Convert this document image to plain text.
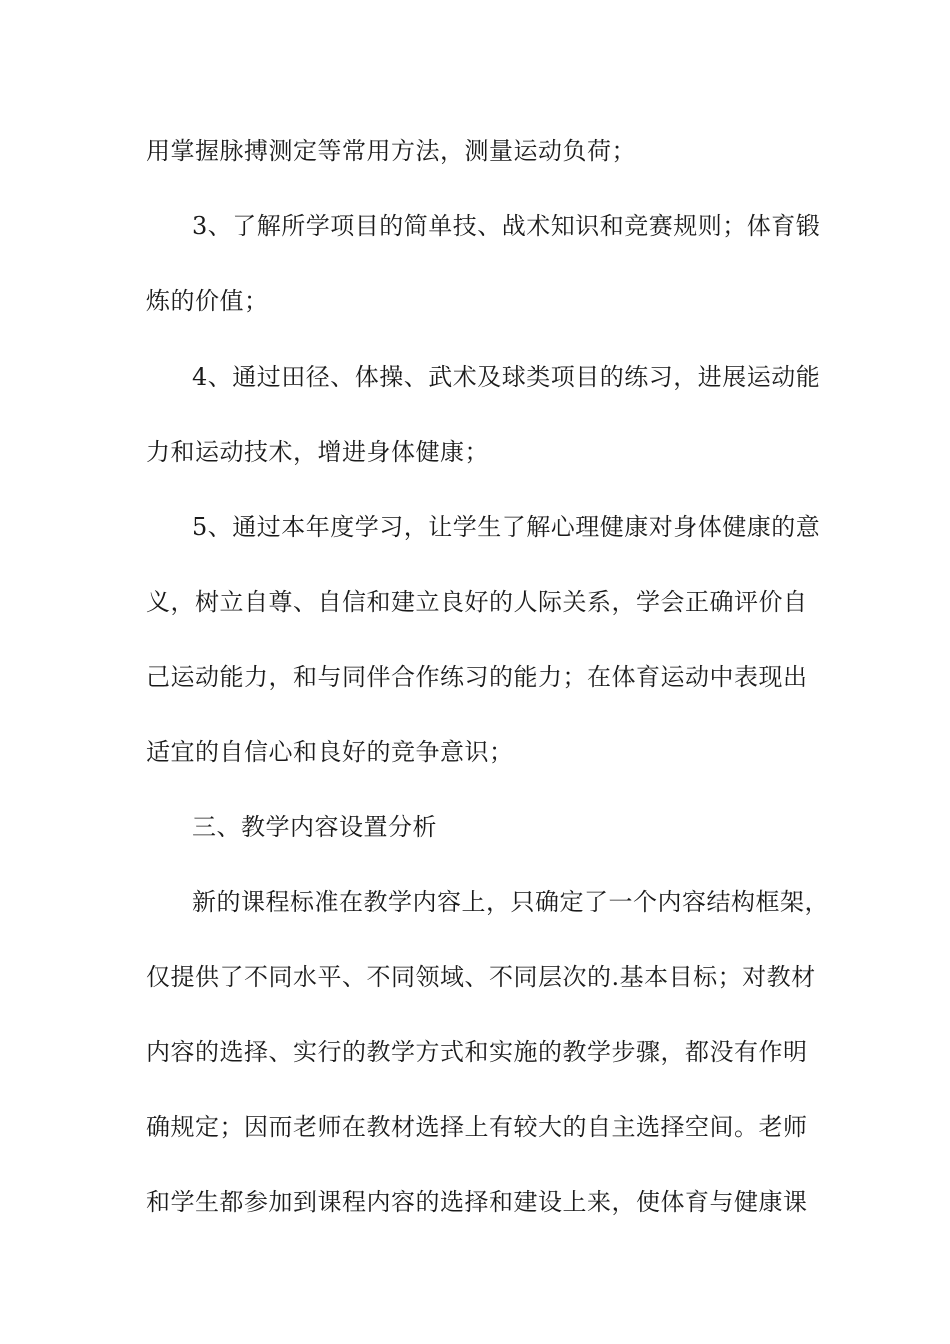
用掌握脉搏测定等常用方法，测量运动负荷；
3、了解所学项目的简单技、战术知识和竞赛规则；体育锻
炼的价值；
4、通过田径、体操、武术及球类项目的练习，进展运动能
力和运动技术，增进身体健康；
5、通过本年度学习，让学生了解心理健康对身体健康的意
义，树立自尊、自信和建立良好的人际关系，学会正确评价自
己运动能力，和与同伴合作练习的能力；在体育运动中表现出
适宜的自信心和良好的竞争意识；
三、教学内容设置分析
新的课程标准在教学内容上，只确定了一个内容结构框架，
仅提供了不同水平、不同领域、不同层次的.基本目标；对教材
内容的选择、实行的教学方式和实施的教学步骤，都没有作明
确规定；因而老师在教材选择上有较大的自主选择空间。老师
和学生都参加到课程内容的选择和建设上来，使体育与健康课
